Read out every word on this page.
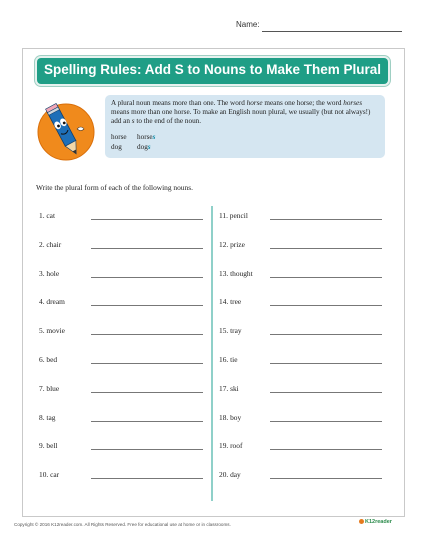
Name:
Spelling Rules: Add S to Nouns to Make Them Plural
A plural noun means more than one. The word horse means one horse; the word horses means more than one horse. To make an English noun plural, we usually (but not always!) add an s to the end of the noun.
horse horses
dog dogs
Write the plural form of each of the following nouns.
1. cat
2. chair
3. hole
4. dream
5. movie
6. bed
7. blue
8. tag
9. bell
10. car
11. pencil
12. prize
13. thought
14. tree
15. tray
16. tie
17. ski
18. boy
19. roof
20. day
Copyright © 2016 K12reader.com. All Rights Reserved. Free for educational use at home or in classrooms.	K12reader
